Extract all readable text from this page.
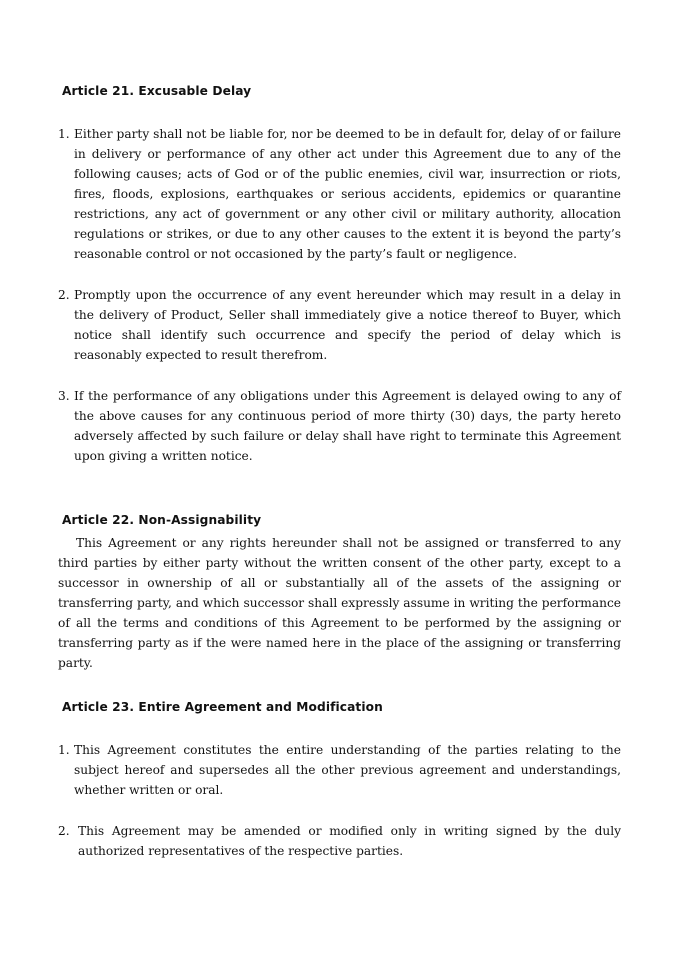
Article 21. Excusable Delay
1. Either party shall not be liable for, nor be deemed to be in default for, delay of or failure in delivery or performance of any other act under this Agreement due to any of the following causes; acts of God or of the public enemies, civil war, insurrection or riots, fires, floods, explosions, earthquakes or serious accidents, epidemics or quarantine restrictions, any act of government or any other civil or military authority, allocation regulations or strikes, or due to any other causes to the extent it is beyond the party’s reasonable control or not occasioned by the party’s fault or negligence.
2. Promptly upon the occurrence of any event hereunder which may result in a delay in the delivery of Product, Seller shall immediately give a notice thereof to Buyer, which notice shall identify such occurrence and specify the period of delay which is reasonably expected to result therefrom.
3. If the performance of any obligations under this Agreement is delayed owing to any of the above causes for any continuous period of more thirty (30) days, the party hereto adversely affected by such failure or delay shall have right to terminate this Agreement upon giving a written notice.
Article 22. Non-Assignability
This Agreement or any rights hereunder shall not be assigned or transferred to any third parties by either party without the written consent of the other party, except to a successor in ownership of all or substantially all of the assets of the assigning or transferring party, and which successor shall expressly assume in writing the performance of all the terms and conditions of this Agreement to be performed by the assigning or transferring party as if the were named here in the place of the assigning or transferring party.
Article 23. Entire Agreement and Modification
1. This Agreement constitutes the entire understanding of the parties relating to the subject hereof and supersedes all the other previous agreement and understandings, whether written or oral.
2. This Agreement may be amended or modified only in writing signed by the duly authorized representatives of the respective parties.
